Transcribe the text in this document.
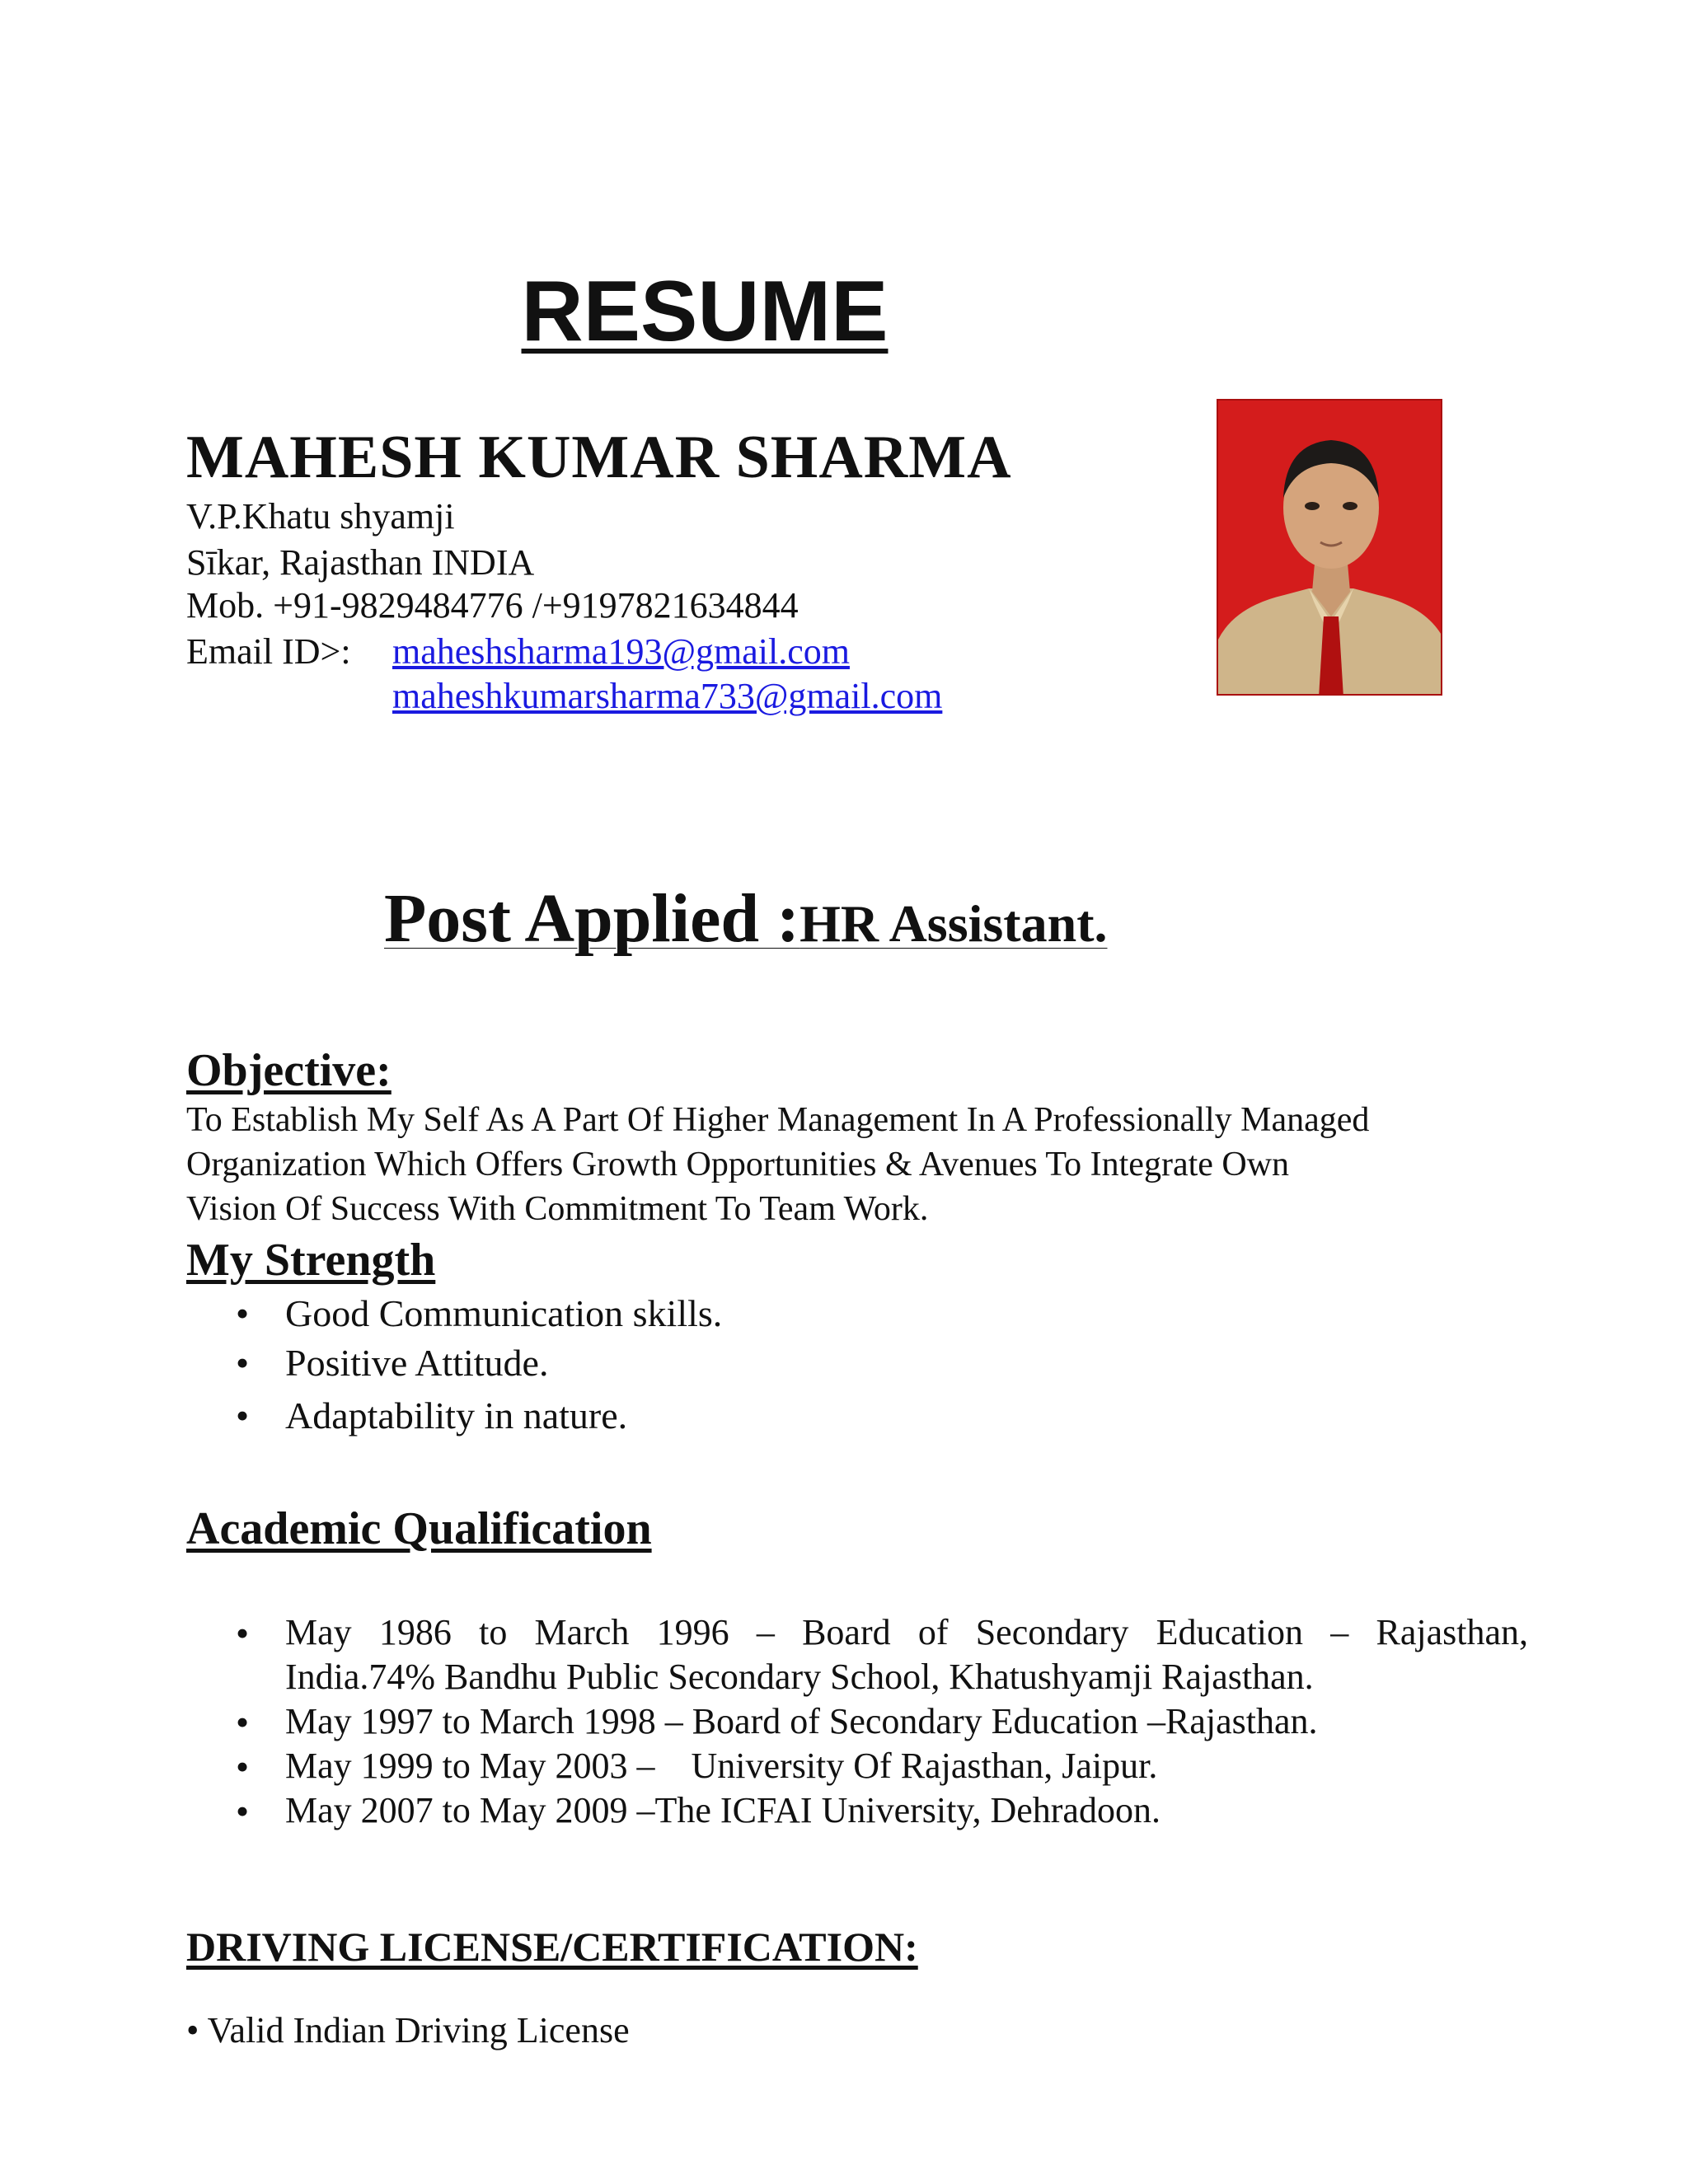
RESUME
MAHESH KUMAR SHARMA
V.P.Khatu shyamji
Sīkar, Rajasthan INDIA
Mob. +91-9829484776 /+9197821634844
Email ID>: maheshsharma193@gmail.com
maheshkumarsharma733@gmail.com
Post Applied :HR Assistant.
Objective:
To Establish My Self As A Part Of Higher Management In A Professionally Managed
Organization Which Offers Growth Opportunities & Avenues To Integrate Own
Vision Of Success With Commitment To Team Work.
My Strength
• Good Communication skills.
• Positive Attitude.
• Adaptability in nature.
Academic Qualification
• May 1986 to March 1996 – Board of Secondary Education – Rajasthan,
India.74% Bandhu Public Secondary School, Khatushyamji Rajasthan.
• May 1997 to March 1998 – Board of Secondary Education –Rajasthan.
• May 1999 to May 2003 –    University Of Rajasthan, Jaipur.
• May 2007 to May 2009 –The ICFAI University, Dehradoon.
DRIVING LICENSE/CERTIFICATION:
• Valid Indian Driving License
